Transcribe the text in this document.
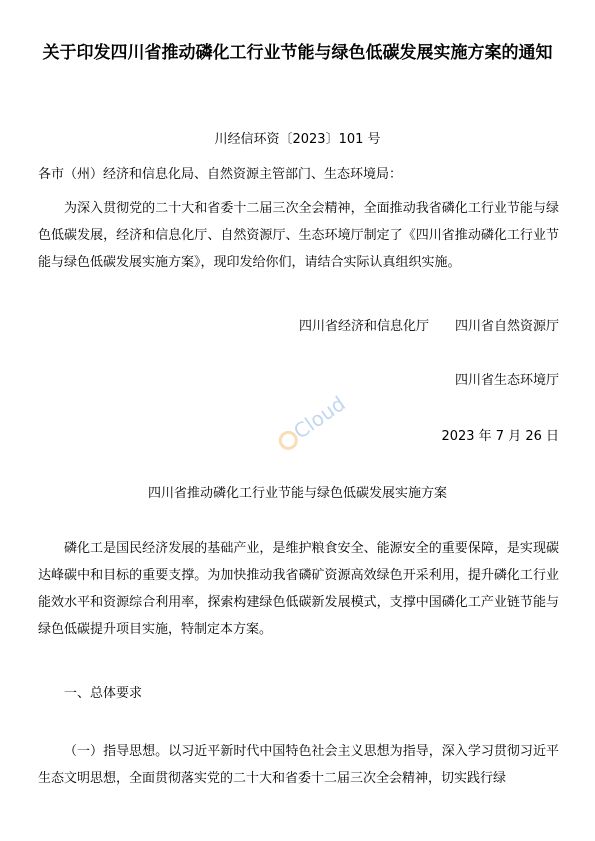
关于印发四川省推动磷化工行业节能与绿色低碳发展实施方案的通知
川经信环资〔2023〕101 号

各市（州）经济和信息化局、自然资源主管部门、生态环境局：

为深入贯彻党的二十大和省委十二届三次全会精神，全面推动我省磷化工行业节能与绿色低碳发展，经济和信息化厅、自然资源厅、生态环境厅制定了《四川省推动磷化工行业节能与绿色低碳发展实施方案》，现印发给你们，请结合实际认真组织实施。

四川省经济和信息化厅 四川省自然资源厅
四川省生态环境厅
Cloud	2023 年 7 月 26 日
四川省推动磷化工行业节能与绿色低碳发展实施方案

磷化工是国民经济发展的基础产业，是维护粮食安全、能源安全的重要保障，是实现碳达峰碳中和目标的重要支撑。为加快推动我省磷矿资源高效绿色开采利用，提升磷化工行业能效水平和资源综合利用率，探索构建绿色低碳新发展模式，支撑中国磷化工产业链节能与绿色低碳提升项目实施，特制定本方案。

一、总体要求

（一）指导思想。以习近平新时代中国特色社会主义思想为指导，深入学习贯彻习近平生态文明思想，全面贯彻落实党的二十大和省委十二届三次全会精神，切实践行绿
